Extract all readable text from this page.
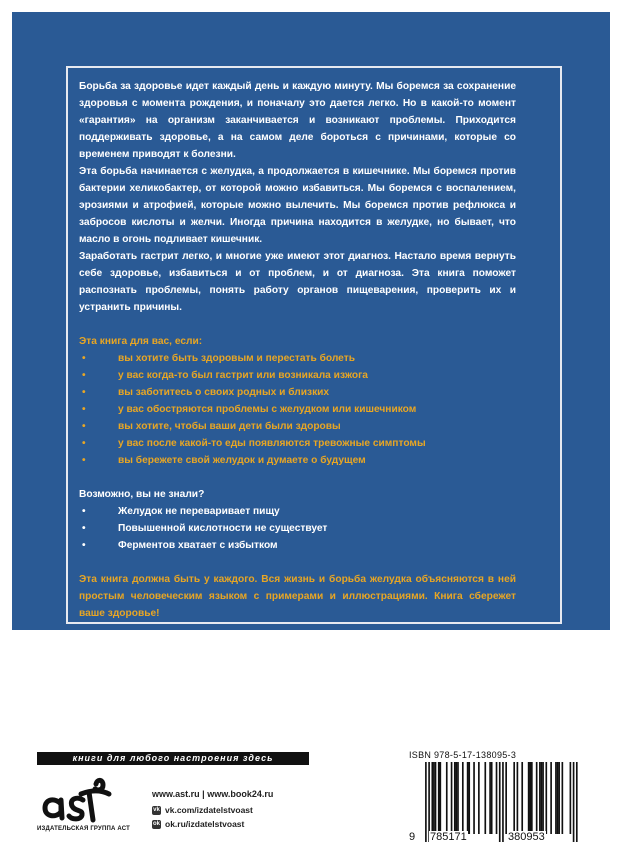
Борьба за здоровье идет каждый день и каждую минуту. Мы боремся за сохранение здоровья с момента рождения, и поначалу это дается легко. Но в какой-то момент «гарантия» на организм заканчивается и возникают проблемы. Приходится поддерживать здоровье, а на самом деле бороться с причинами, которые со временем приводят к болезни.

Эта борьба начинается с желудка, а продолжается в кишечнике. Мы боремся против бактерии хеликобактер, от которой можно избавиться. Мы боремся с воспалением, эрозиями и атрофией, которые можно вылечить. Мы боремся против рефлюкса и забросов кислоты и желчи. Иногда причина находится в желудке, но бывает, что масло в огонь подливает кишечник.

Заработать гастрит легко, и многие уже имеют этот диагноз. Настало время вернуть себе здоровье, избавиться и от проблем, и от диагноза. Эта книга поможет распознать проблемы, понять работу органов пищеварения, проверить их и устранить причины.

Эта книга для вас, если:
•	вы хотите быть здоровым и перестать болеть
•	у вас когда-то был гастрит или возникала изжога
•	вы заботитесь о своих родных и близких
•	у вас обостряются проблемы с желудком или кишечником
•	вы хотите, чтобы ваши дети были здоровы
•	у вас после какой-то еды появляются тревожные симптомы
•	вы бережете свой желудок и думаете о будущем
Возможно, вы не знали?
•	Желудок не переваривает пищу
•	Повышенной кислотности не существует
•	Ферментов хватает с избытком

Эта книга должна быть у каждого. Вся жизнь и борьба желудка объясняются в ней простым человеческим языком с примерами и иллюстрациями. Книга сбережет ваше здоровье!

книги для любого настроения здесь
ИЗДАТЕЛЬСКАЯ ГРУППА АСТ
www.ast.ru | www.book24.ru
vk vk.com/izdatelstvoast
ok ok.ru/izdatelstvoast
ISBN 978-5-17-138095-3
9 785171	380953
